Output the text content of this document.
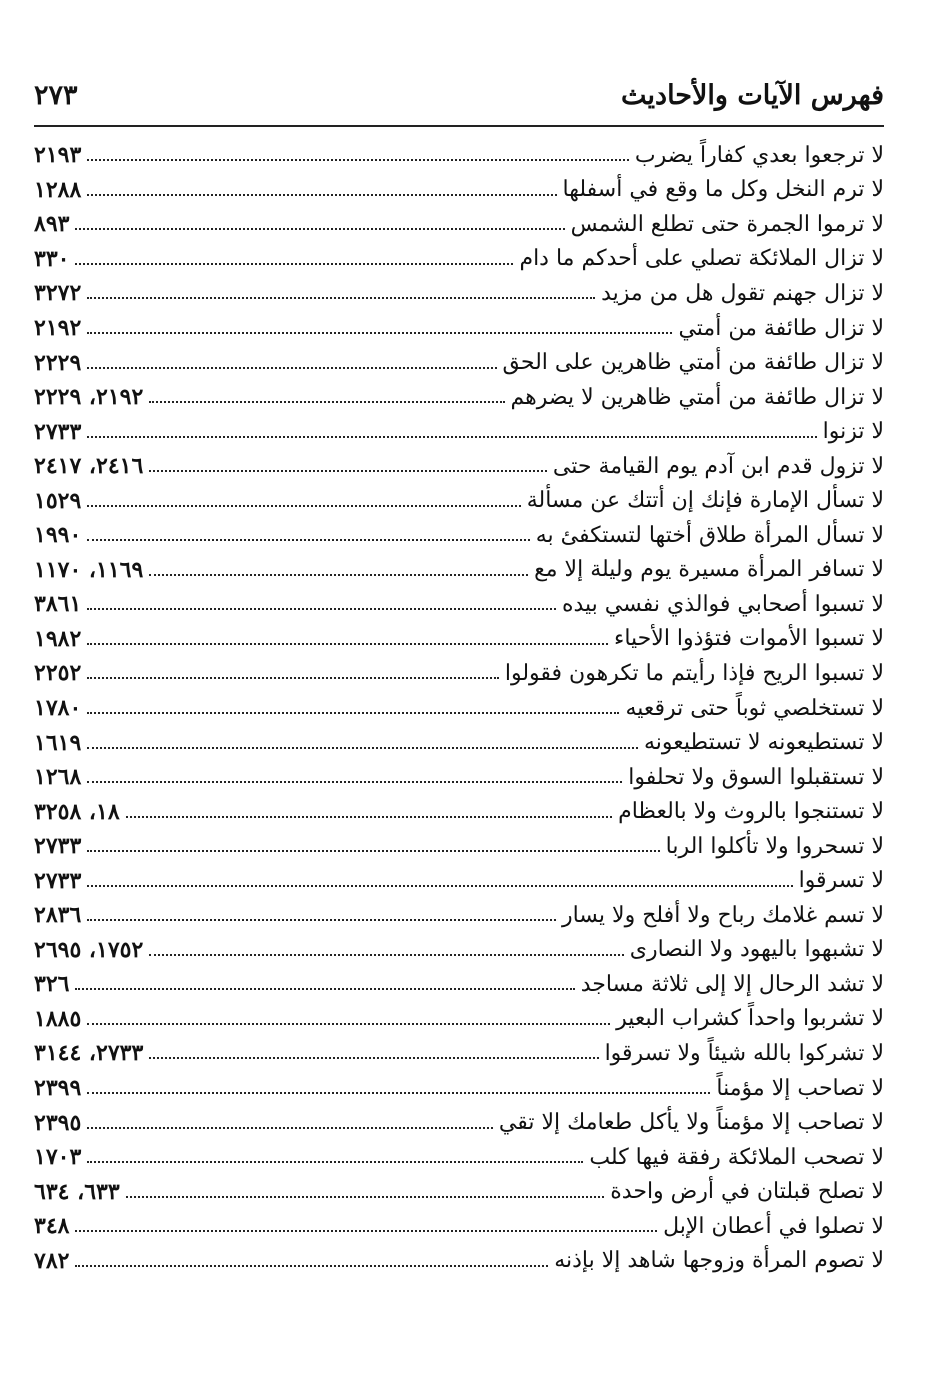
فهرس الآيات والأحاديث
٢٧٣
لا ترجعوا بعدي كفاراً يضرب
٢١٩٣
لا ترم النخل وكل ما وقع في أسفلها
١٢٨٨
لا ترموا الجمرة حتى تطلع الشمس
٨٩٣
لا تزال الملائكة تصلي على أحدكم ما دام
٣٣٠
لا تزال جهنم تقول هل من مزيد
٣٢٧٢
لا تزال طائفة من أمتي
٢١٩٢
لا تزال طائفة من أمتي ظاهرين على الحق
٢٢٢٩
لا تزال طائفة من أمتي ظاهرين لا يضرهم
٢١٩٢، ٢٢٢٩
لا تزنوا
٢٧٣٣
لا تزول قدم ابن آدم يوم القيامة حتى
٢٤١٦، ٢٤١٧
لا تسأل الإمارة فإنك إن أتتك عن مسألة
١٥٢٩
لا تسأل المرأة طلاق أختها لتستكفئ به
١٩٩٠
لا تسافر المرأة مسيرة يوم وليلة إلا مع
١١٦٩، ١١٧٠
لا تسبوا أصحابي فوالذي نفسي بيده
٣٨٦١
لا تسبوا الأموات فتؤذوا الأحياء
١٩٨٢
لا تسبوا الريح فإذا رأيتم ما تكرهون فقولوا
٢٢٥٢
لا تستخلصي ثوباً حتى ترقعيه
١٧٨٠
لا تستطيعونه لا تستطيعونه
١٦١٩
لا تستقبلوا السوق ولا تحلفوا
١٢٦٨
لا تستنجوا بالروث ولا بالعظام
١٨، ٣٢٥٨
لا تسحروا ولا تأكلوا الربا
٢٧٣٣
لا تسرقوا
٢٧٣٣
لا تسم غلامك رباح ولا أفلح ولا يسار
٢٨٣٦
لا تشبهوا باليهود ولا النصارى
١٧٥٢، ٢٦٩٥
لا تشد الرحال إلا إلى ثلاثة مساجد
٣٢٦
لا تشربوا واحداً كشراب البعير
١٨٨٥
لا تشركوا بالله شيئاً ولا تسرقوا
٢٧٣٣، ٣١٤٤
لا تصاحب إلا مؤمناً
٢٣٩٩
لا تصاحب إلا مؤمناً ولا يأكل طعامك إلا تقي
٢٣٩٥
لا تصحب الملائكة رفقة فيها كلب
١٧٠٣
لا تصلح قبلتان في أرض واحدة
٦٣٣، ٦٣٤
لا تصلوا في أعطان الإبل
٣٤٨
لا تصوم المرأة وزوجها شاهد إلا بإذنه
٧٨٢
